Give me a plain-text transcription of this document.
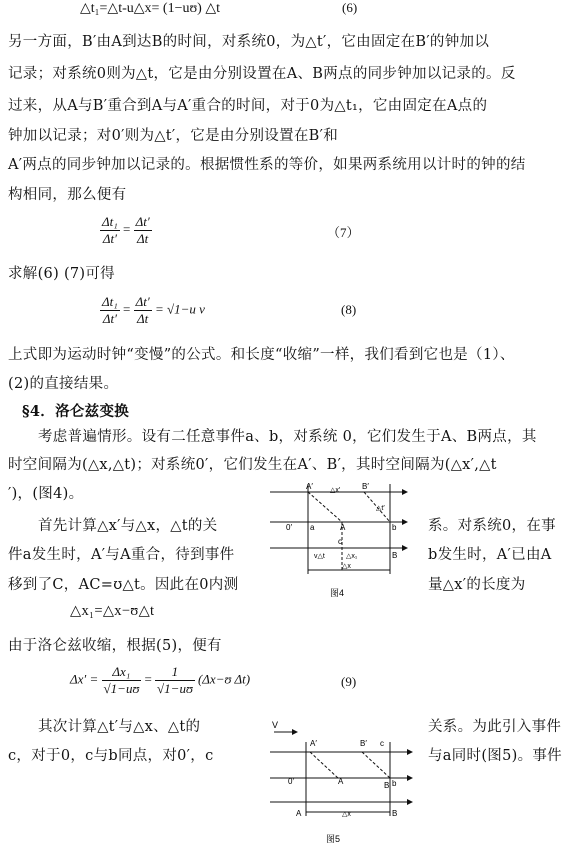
△t₁=△t-u△x= (1−uʊ) △t	(6)
另一方面，B′由A到达B的时间，对系统0，为△t′，它由固定在B′的钟加以
记录；对系统0则为△t，它是由分别设置在A、B两点的同步钟加以记录的。反
过来，从A与B′重合到A与A′重合的时间，对于0为△t₁，它由固定在A点的
钟加以记录；对0′则为△t′，它是由分别设置在B′和
A′两点的同步钟加以记录的。根据惯性系的等价，如果两系统用以计时的钟的结
构相同，那么便有
$\frac{\text{Δt₁}}{\Delta t'} = \frac{\Delta t'}{\Delta t}$	（7）
求解(6) (7)可得
$\frac{\text{Δt₁}}{\Delta t'} = \frac{\Delta t'}{\Delta t} = √1-u$ v	(8)
上式即为运动时钟“变慢”的公式。和长度“收缩”一样，我们看到它也是（1）、
(2)的直接结果。
§4．洛仑兹变换
考虑普遍情形。设有二任意事件a、b，对系统 0，它们发生于A、B两点，其
时空间隔为(△x,△t)；对系统0′，它们发生在A′、B′，其时空间隔为(△x′,△t
′)，(图4)。
首先计算△x′与△x，△t的关
件a发生时，A′与A重合，待到事件
移到了C，AC=ʊ△t。因此在0内测
系。对系统0，在事
b发生时，A′已由A
量△x′的长度为
△x₁=△x−ʊ△t
由于洛仑兹收缩，根据(5)，便有
$\Delta x' = \frac{\text{Δx₁}}{\text{√1−uʊ}} = \frac{1}{\text{√1−uʊ}}$ (Δx−ʊ Δt)	(9)
其次计算△t′与△x、△t的
c，对于0，c与b同点，对0′，c
关系。为此引入事件
与a同时(图5)。事件
A′ △x′	B′
△t′
0′ a	A	b
c
v△t	△x₁	B
△x
图4
V
A′	B′ c
0′	A	B b
A	△x	B
图5
